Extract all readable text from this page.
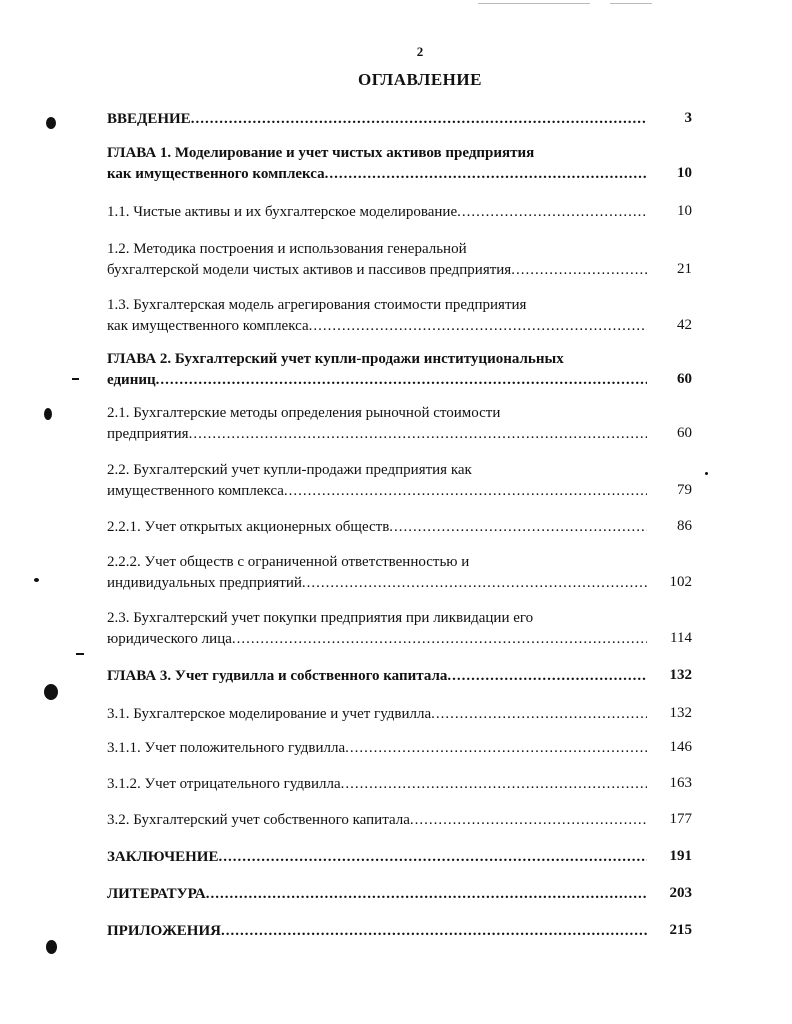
2
ОГЛАВЛЕНИЕ
ВВЕДЕНИЕ .....	3
ГЛАВА 1. Моделирование и учет чистых активов предприятия
как имущественного комплекса .....	10
1.1. Чистые активы и их бухгалтерское моделирование .....	10
1.2. Методика построения и использования генеральной
бухгалтерской модели чистых активов и пассивов предприятия .....	21
1.3. Бухгалтерская модель агрегирования стоимости предприятия
как имущественного комплекса .....	42
ГЛАВА 2. Бухгалтерский учет купли-продажи институциональных
единиц .....	60
2.1. Бухгалтерские методы определения рыночной стоимости
предприятия .....	60
2.2. Бухгалтерский учет купли-продажи предприятия как
имущественного комплекса .....	79
2.2.1. Учет открытых акционерных обществ .....	86
2.2.2. Учет обществ с ограниченной ответственностью и
индивидуальных предприятий .....	102
2.3. Бухгалтерский учет покупки предприятия при ликвидации его
юридического лица .....	114
ГЛАВА 3. Учет гудвилла и собственного капитала .....	132
3.1. Бухгалтерское моделирование и учет гудвилла .....	132
3.1.1. Учет положительного гудвилла .....	146
3.1.2. Учет отрицательного гудвилла .....	163
3.2. Бухгалтерский учет собственного капитала .....	177
ЗАКЛЮЧЕНИЕ .....	191
ЛИТЕРАТУРА .....	203
ПРИЛОЖЕНИЯ .....	215
